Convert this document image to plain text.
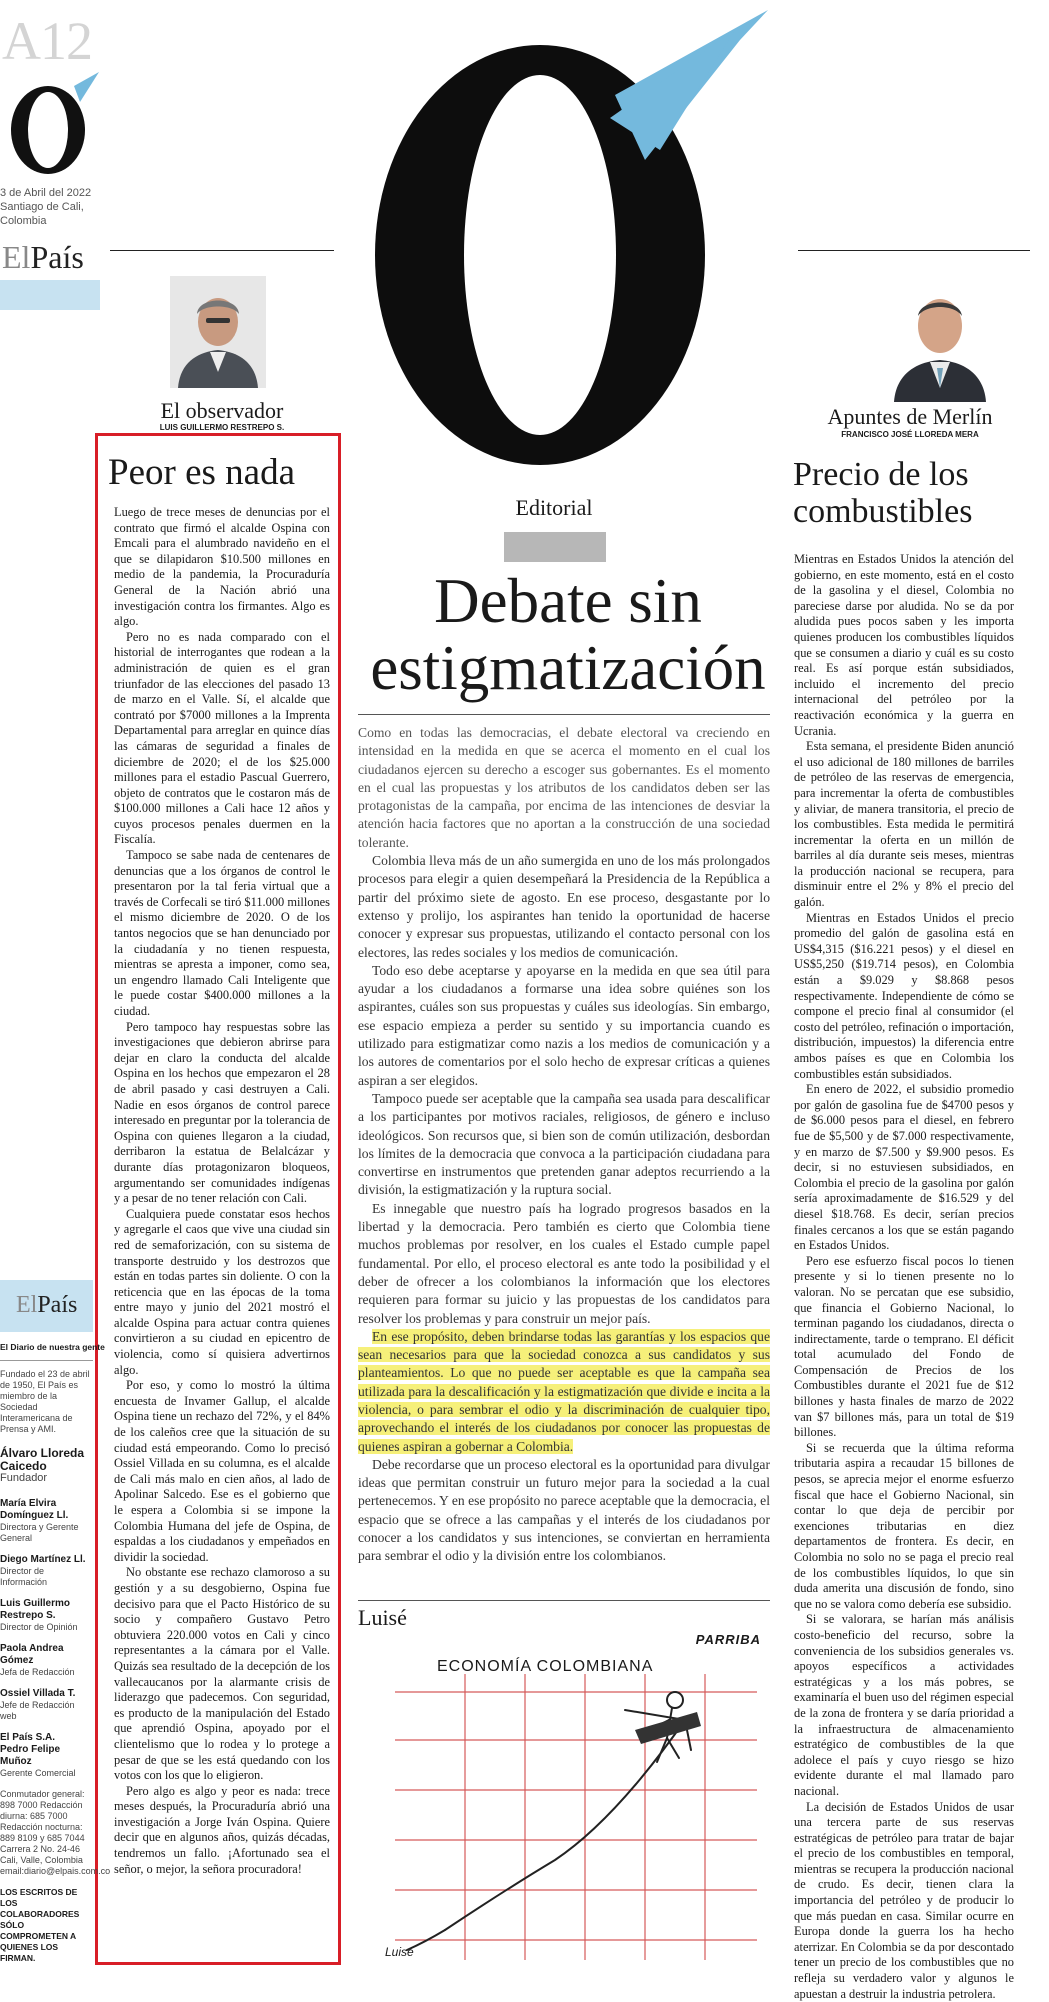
A12
3 de Abril del 2022 Santiago de Cali, Colombia
ElPaís
El observador
LUIS GUILLERMO RESTREPO S.
Peor es nada

Luego de trece meses de denuncias por el contrato que firmó el alcalde Ospina con Emcali para el alumbrado navideño en el que se dilapidaron $10.500 millones en medio de la pandemia, la Procuraduría General de la Nación abrió una investigación contra los firmantes. Algo es algo.

Pero no es nada comparado con el historial de interrogantes que rodean a la administración de quien es el gran triunfador de las elecciones del pasado 13 de marzo en el Valle. Sí, el alcalde que contrató por $7000 millones a la Imprenta Departamental para arreglar en quince días las cámaras de seguridad a finales de diciembre de 2020; el de los $25.000 millones para el estadio Pascual Guerrero, objeto de contratos que le costaron más de $100.000 millones a Cali hace 12 años y cuyos procesos penales duermen en la Fiscalía.

Tampoco se sabe nada de centenares de denuncias que a los órganos de control le presentaron por la tal feria virtual que a través de Corfecali se tiró $11.000 millones el mismo diciembre de 2020. O de los tantos negocios que se han denunciado por la ciudadanía y no tienen respuesta, mientras se apresta a imponer, como sea, un engendro llamado Cali Inteligente que le puede costar $400.000 millones a la ciudad.

Pero tampoco hay respuestas sobre las investigaciones que debieron abrirse para dejar en claro la conducta del alcalde Ospina en los hechos que empezaron el 28 de abril pasado y casi destruyen a Cali. Nadie en esos órganos de control parece interesado en preguntar por la tolerancia de Ospina con quienes llegaron a la ciudad, derribaron la estatua de Belalcázar y durante días protagonizaron bloqueos, argumentando ser comunidades indígenas y a pesar de no tener relación con Cali.

Cualquiera puede constatar esos hechos y agregarle el caos que vive una ciudad sin red de semaforización, con su sistema de transporte destruido y los destrozos que están en todas partes sin doliente. O con la reticencia que en las épocas de la toma entre mayo y junio del 2021 mostró el alcalde Ospina para actuar contra quienes convirtieron a su ciudad en epicentro de violencia, como sí quisiera advertirnos algo.

Por eso, y como lo mostró la última encuesta de Invamer Gallup, el alcalde Ospina tiene un rechazo del 72%, y el 84% de los caleños cree que la situación de su ciudad está empeorando. Como lo precisó Ossiel Villada en su columna, es el alcalde de Cali más malo en cien años, al lado de Apolinar Salcedo. Ese es el gobierno que le espera a Colombia si se impone la Colombia Humana del jefe de Ospina, de espaldas a los ciudadanos y empeñados en dividir la sociedad.

No obstante ese rechazo clamoroso a su gestión y a su desgobierno, Ospina fue decisivo para que el Pacto Histórico de su socio y compañero Gustavo Petro obtuviera 220.000 votos en Cali y cinco representantes a la cámara por el Valle. Quizás sea resultado de la decepción de los vallecaucanos por la alarmante crisis de liderazgo que padecemos. Con seguridad, es producto de la manipulación del Estado que aprendió Ospina, apoyado por el clientelismo que lo rodea y lo protege a pesar de que se les está quedando con los votos con los que lo eligieron.

Pero algo es algo y peor es nada: trece meses después, la Procuraduría abrió una investigación a Jorge Iván Ospina. Quiere decir que en algunos años, quizás décadas, tendremos un fallo. ¡Afortunado sea el señor, o mejor, la señora procuradora!

ElPaís
El Diario de nuestra gente
Fundado el 23 de abril de 1950, El País es miembro de la Sociedad Interamericana de Prensa y AMI.
Álvaro Lloreda Caicedo
Fundador
María Elvira Domínguez Ll.
Directora y Gerente General
Diego Martínez Ll.
Director de Información
Luis Guillermo Restrepo S.
Director de Opinión
Paola Andrea Gómez
Jefa de Redacción
Ossiel Villada T.
Jefe de Redacción web
El País S.A.
Pedro Felipe Muñoz
Gerente Comercial
Conmutador general: 898 7000 Redacción diurna: 685 7000 Redacción nocturna: 889 8109 y 685 7044 Carrera 2 No. 24-46 Cali, Valle, Colombia email:diario@elpais.com.co
LOS ESCRITOS DE LOS COLABORADORES SÓLO COMPROMETEN A QUIENES LOS FIRMAN.
Editorial
Debate sin estigmatización

Como en todas las democracias, el debate electoral va creciendo en intensidad en la medida en que se acerca el momento en el cual los ciudadanos ejercen su derecho a escoger sus gobernantes. Es el momento en el cual las propuestas y los atributos de los candidatos deben ser las protagonistas de la campaña, por encima de las intenciones de desviar la atención hacia factores que no aportan a la construcción de una sociedad tolerante.

Colombia lleva más de un año sumergida en uno de los más prolongados procesos para elegir a quien desempeñará la Presidencia de la República a partir del próximo siete de agosto. En ese proceso, desgastante por lo extenso y prolijo, los aspirantes han tenido la oportunidad de hacerse conocer y expresar sus propuestas, utilizando el contacto personal con los electores, las redes sociales y los medios de comunicación.

Todo eso debe aceptarse y apoyarse en la medida en que sea útil para ayudar a los ciudadanos a formarse una idea sobre quiénes son los aspirantes, cuáles son sus propuestas y cuáles sus ideologías. Sin embargo, ese espacio empieza a perder su sentido y su importancia cuando es utilizado para estigmatizar como nazis a los medios de comunicación y a los autores de comentarios por el solo hecho de expresar críticas a quienes aspiran a ser elegidos.

Tampoco puede ser aceptable que la campaña sea usada para descalificar a los participantes por motivos raciales, religiosos, de género e incluso ideológicos. Son recursos que, si bien son de común utilización, desbordan los límites de la democracia que convoca a la participación ciudadana para convertirse en instrumentos que pretenden ganar adeptos recurriendo a la división, la estigmatización y la ruptura social.

Es innegable que nuestro país ha logrado progresos basados en la libertad y la democracia. Pero también es cierto que Colombia tiene muchos problemas por resolver, en los cuales el Estado cumple papel fundamental. Por ello, el proceso electoral es ante todo la posibilidad y el deber de ofrecer a los colombianos la información que los electores requieren para formar su juicio y las propuestas de los candidatos para resolver los problemas y para construir un mejor país.

En ese propósito, deben brindarse todas las garantías y los espacios que sean necesarios para que la sociedad conozca a sus candidatos y sus planteamientos. Lo que no puede ser aceptable es que la campaña sea utilizada para la descalificación y la estigmatización que divide e incita a la violencia, o para sembrar el odio y la discriminación de cualquier tipo, aprovechando el interés de los ciudadanos por conocer las propuestas de quienes aspiran a gobernar a Colombia.

Debe recordarse que un proceso electoral es la oportunidad para divulgar ideas que permitan construir un futuro mejor para la sociedad a la cual pertenecemos. Y en ese propósito no parece aceptable que la democracia, el espacio que se ofrece a las campañas y el interés de los ciudadanos por conocer a los candidatos y sus intenciones, se conviertan en herramienta para sembrar el odio y la división entre los colombianos.

Luisé
PARRIBA
ECONOMÍA COLOMBIANA
Luisé
Apuntes de Merlín
FRANCISCO JOSÉ LLOREDA MERA
Precio de los combustibles

Mientras en Estados Unidos la atención del gobierno, en este momento, está en el costo de la gasolina y el diesel, Colombia no pareciese darse por aludida. No se da por aludida pues pocos saben y les importa quienes producen los combustibles líquidos que se consumen a diario y cuál es su costo real. Es así porque están subsidiados, incluido el incremento del precio internacional del petróleo por la reactivación económica y la guerra en Ucrania.

Esta semana, el presidente Biden anunció el uso adicional de 180 millones de barriles de petróleo de las reservas de emergencia, para incrementar la oferta de combustibles y aliviar, de manera transitoria, el precio de los combustibles. Esta medida le permitirá incrementar la oferta en un millón de barriles al día durante seis meses, mientras la producción nacional se recupera, para disminuir entre el 2% y 8% el precio del galón.

Mientras en Estados Unidos el precio promedio del galón de gasolina está en US$4,315 ($16.221 pesos) y el diesel en US$5,250 ($19.714 pesos), en Colombia están a $9.029 y $8.868 pesos respectivamente. Independiente de cómo se compone el precio final al consumidor (el costo del petróleo, refinación o importación, distribución, impuestos) la diferencia entre ambos países es que en Colombia los combustibles están subsidiados.

En enero de 2022, el subsidio promedio por galón de gasolina fue de $4700 pesos y de $6.000 pesos para el diesel, en febrero fue de $5,500 y de $7.000 respectivamente, y en marzo de $7.500 y $9.900 pesos. Es decir, si no estuviesen subsidiados, en Colombia el precio de la gasolina por galón sería aproximadamente de $16.529 y del diesel $18.768. Es decir, serían precios finales cercanos a los que se están pagando en Estados Unidos.

Pero ese esfuerzo fiscal pocos lo tienen presente y si lo tienen presente no lo valoran. No se percatan que ese subsidio, que financia el Gobierno Nacional, lo terminan pagando los ciudadanos, directa o indirectamente, tarde o temprano. El déficit total acumulado del Fondo de Compensación de Precios de los Combustibles durante el 2021 fue de $12 billones y hasta finales de marzo de 2022 van $7 billones más, para un total de $19 billones.

Si se recuerda que la última reforma tributaria aspira a recaudar 15 billones de pesos, se aprecia mejor el enorme esfuerzo fiscal que hace el Gobierno Nacional, sin contar lo que deja de percibir por exenciones tributarias en diez departamentos de frontera. Es decir, en Colombia no solo no se paga el precio real de los combustibles líquidos, lo que sin duda amerita una discusión de fondo, sino que no se valora como debería ese subsidio.

Si se valorara, se harían más análisis costo-beneficio del recurso, sobre la conveniencia de los subsidios generales vs. apoyos específicos a actividades estratégicas y a los más pobres, se examinaría el buen uso del régimen especial de la zona de frontera y se daría prioridad a la infraestructura de almacenamiento estratégico de combustibles de la que adolece el país y cuyo riesgo se hizo evidente durante el mal llamado paro nacional.

La decisión de Estados Unidos de usar una tercera parte de sus reservas estratégicas de petróleo para tratar de bajar el precio de los combustibles en temporal, mientras se recupera la producción nacional de crudo. Es decir, tienen clara la importancia del petróleo y de producir lo que más puedan en casa. Similar ocurre en Europa donde la guerra los ha hecho aterrizar. En Colombia se da por descontado tener un precio de los combustibles que no refleja su verdadero valor y algunos le apuestan a destruir la industria petrolera.
